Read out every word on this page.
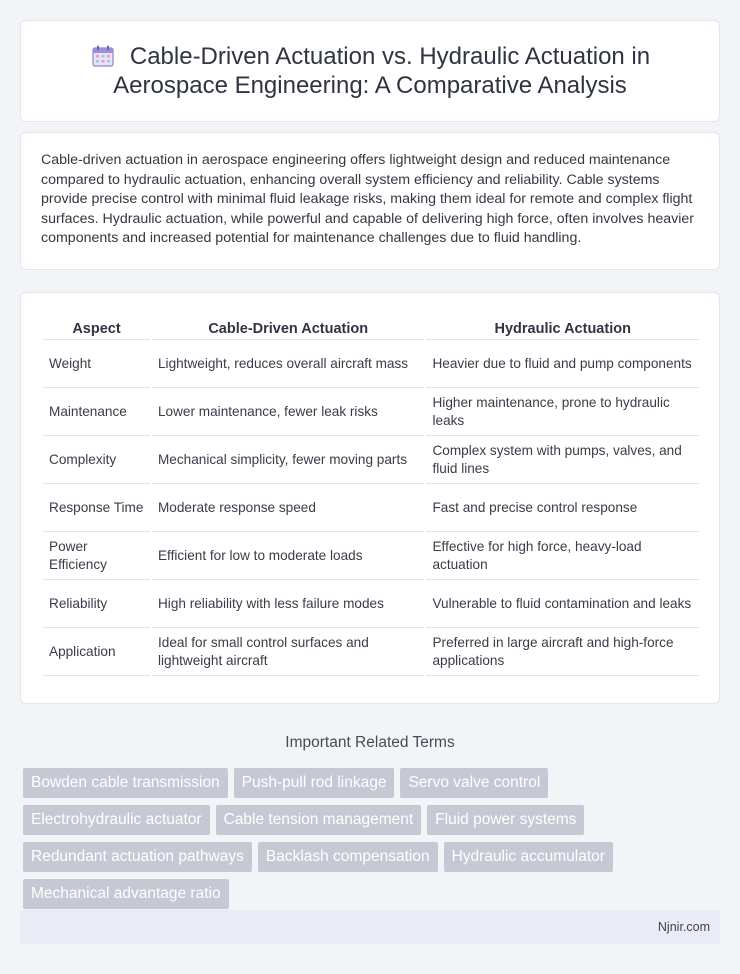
Cable-Driven Actuation vs. Hydraulic Actuation in
Aerospace Engineering: A Comparative Analysis
Cable-driven actuation in aerospace engineering offers lightweight design and reduced maintenance compared to hydraulic actuation, enhancing overall system efficiency and reliability. Cable systems provide precise control with minimal fluid leakage risks, making them ideal for remote and complex flight surfaces. Hydraulic actuation, while powerful and capable of delivering high force, often involves heavier components and increased potential for maintenance challenges due to fluid handling.
Aspect	Cable-Driven Actuation	Hydraulic Actuation
Weight	Lightweight, reduces overall aircraft mass	Heavier due to fluid and pump components
Maintenance	Lower maintenance, fewer leak risks	Higher maintenance, prone to hydraulic leaks
Complexity	Mechanical simplicity, fewer moving parts	Complex system with pumps, valves, and fluid lines
Response Time	Moderate response speed	Fast and precise control response
Power Efficiency	Efficient for low to moderate loads	Effective for high force, heavy-load actuation
Reliability	High reliability with less failure modes	Vulnerable to fluid contamination and leaks
Application	Ideal for small control surfaces and lightweight aircraft	Preferred in large aircraft and high-force applications
Important Related Terms
Bowden cable transmission	Push-pull rod linkage	Servo valve control
Electrohydraulic actuator	Cable tension management	Fluid power systems
Redundant actuation pathways	Backlash compensation	Hydraulic accumulator
Mechanical advantage ratio
Njnir.com
